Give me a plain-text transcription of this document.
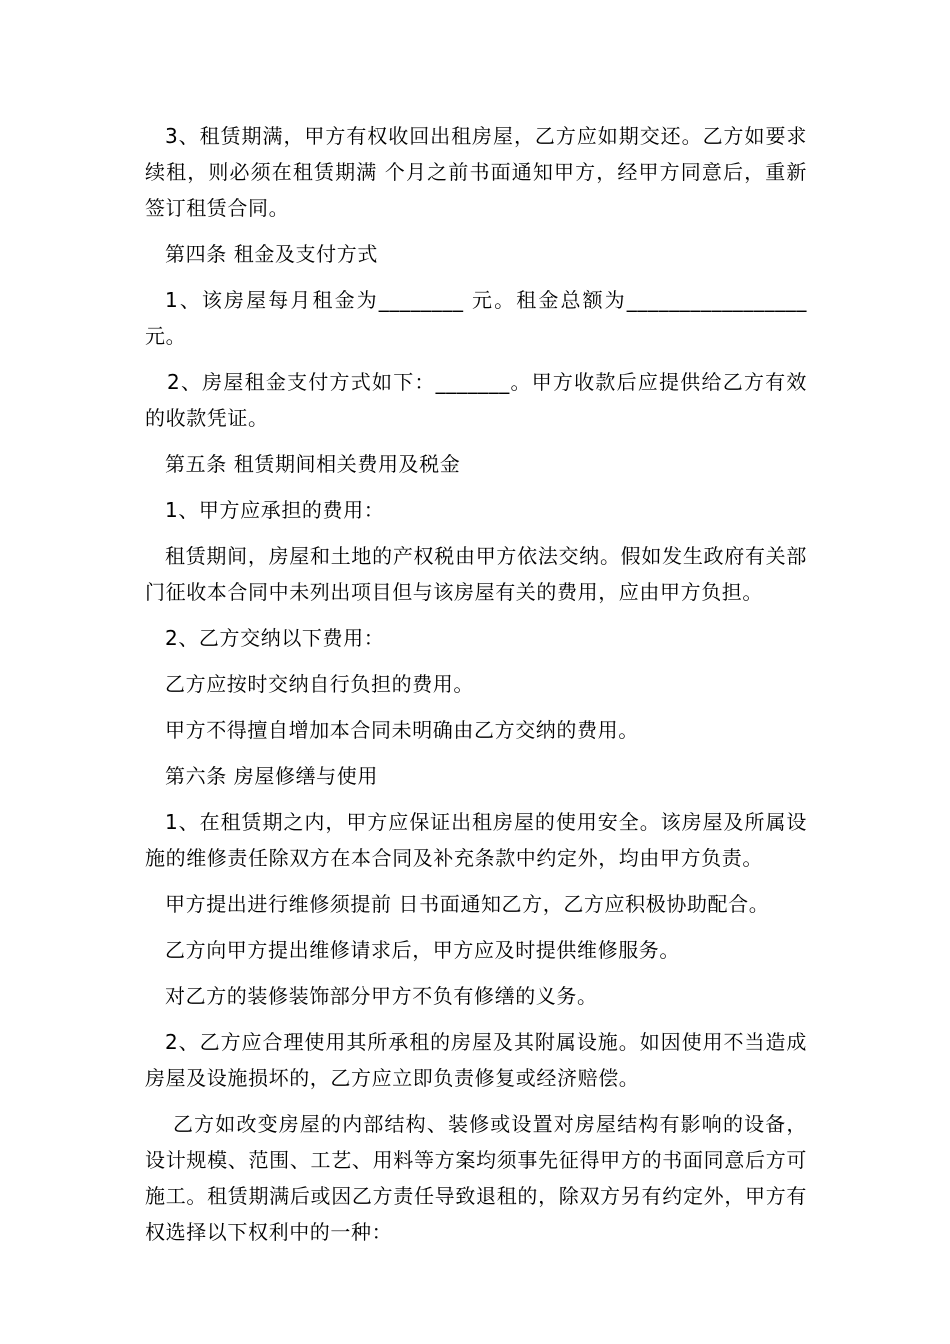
3、租赁期满，甲方有权收回出租房屋，乙方应如期交还。乙方如要求续租，则必须在租赁期满 个月之前书面通知甲方，经甲方同意后，重新签订租赁合同。

第四条 租金及支付方式

1、该房屋每月租金为________ 元。租金总额为_________________元。

2、房屋租金支付方式如下：_______。甲方收款后应提供给乙方有效的收款凭证。

第五条 租赁期间相关费用及税金

1、甲方应承担的费用：

租赁期间，房屋和土地的产权税由甲方依法交纳。假如发生政府有关部门征收本合同中未列出项目但与该房屋有关的费用，应由甲方负担。

2、乙方交纳以下费用：

乙方应按时交纳自行负担的费用。

甲方不得擅自增加本合同未明确由乙方交纳的费用。

第六条 房屋修缮与使用

1、在租赁期之内，甲方应保证出租房屋的使用安全。该房屋及所属设施的维修责任除双方在本合同及补充条款中约定外，均由甲方负责。

甲方提出进行维修须提前 日书面通知乙方，乙方应积极协助配合。

乙方向甲方提出维修请求后，甲方应及时提供维修服务。

对乙方的装修装饰部分甲方不负有修缮的义务。

2、乙方应合理使用其所承租的房屋及其附属设施。如因使用不当造成房屋及设施损坏的，乙方应立即负责修复或经济赔偿。

乙方如改变房屋的内部结构、装修或设置对房屋结构有影响的设备，设计规模、范围、工艺、用料等方案均须事先征得甲方的书面同意后方可施工。租赁期满后或因乙方责任导致退租的，除双方另有约定外，甲方有权选择以下权利中的一种：
